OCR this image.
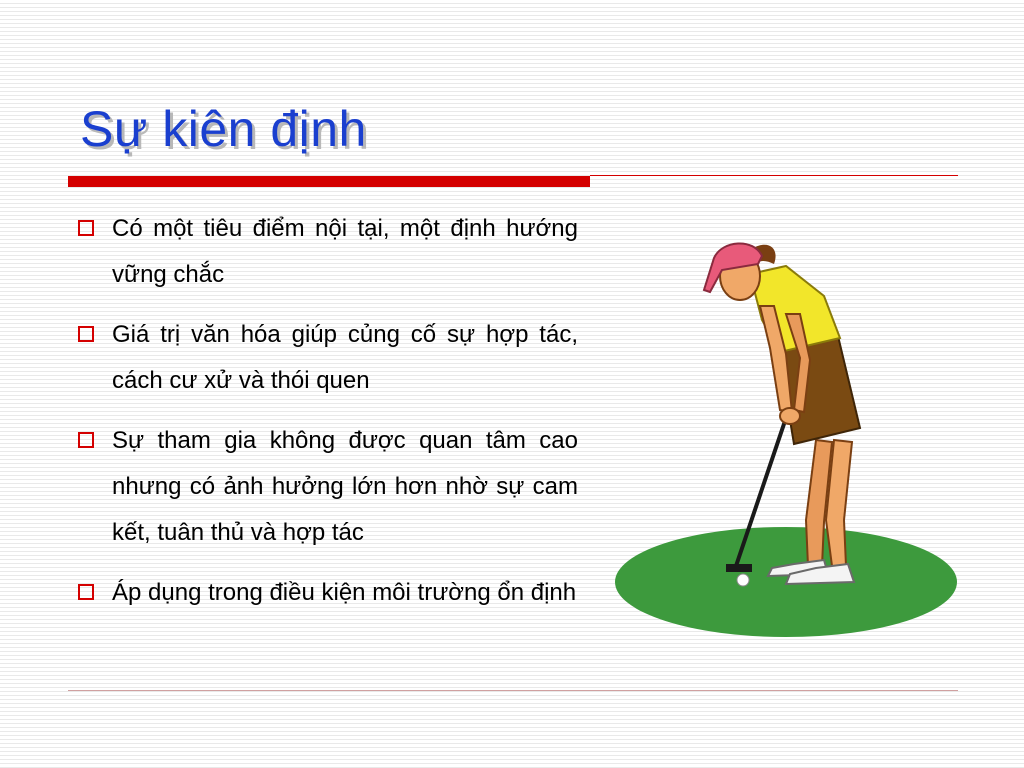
Sự kiên định
Có một tiêu điểm nội tại, một định hướng vững chắc
Giá trị văn hóa giúp củng cố sự hợp tác, cách cư xử và thói quen
Sự tham gia không được quan tâm cao nhưng có ảnh hưởng lớn hơn nhờ sự cam kết, tuân thủ và hợp tác
Áp dụng trong điều kiện môi trường ổn định
